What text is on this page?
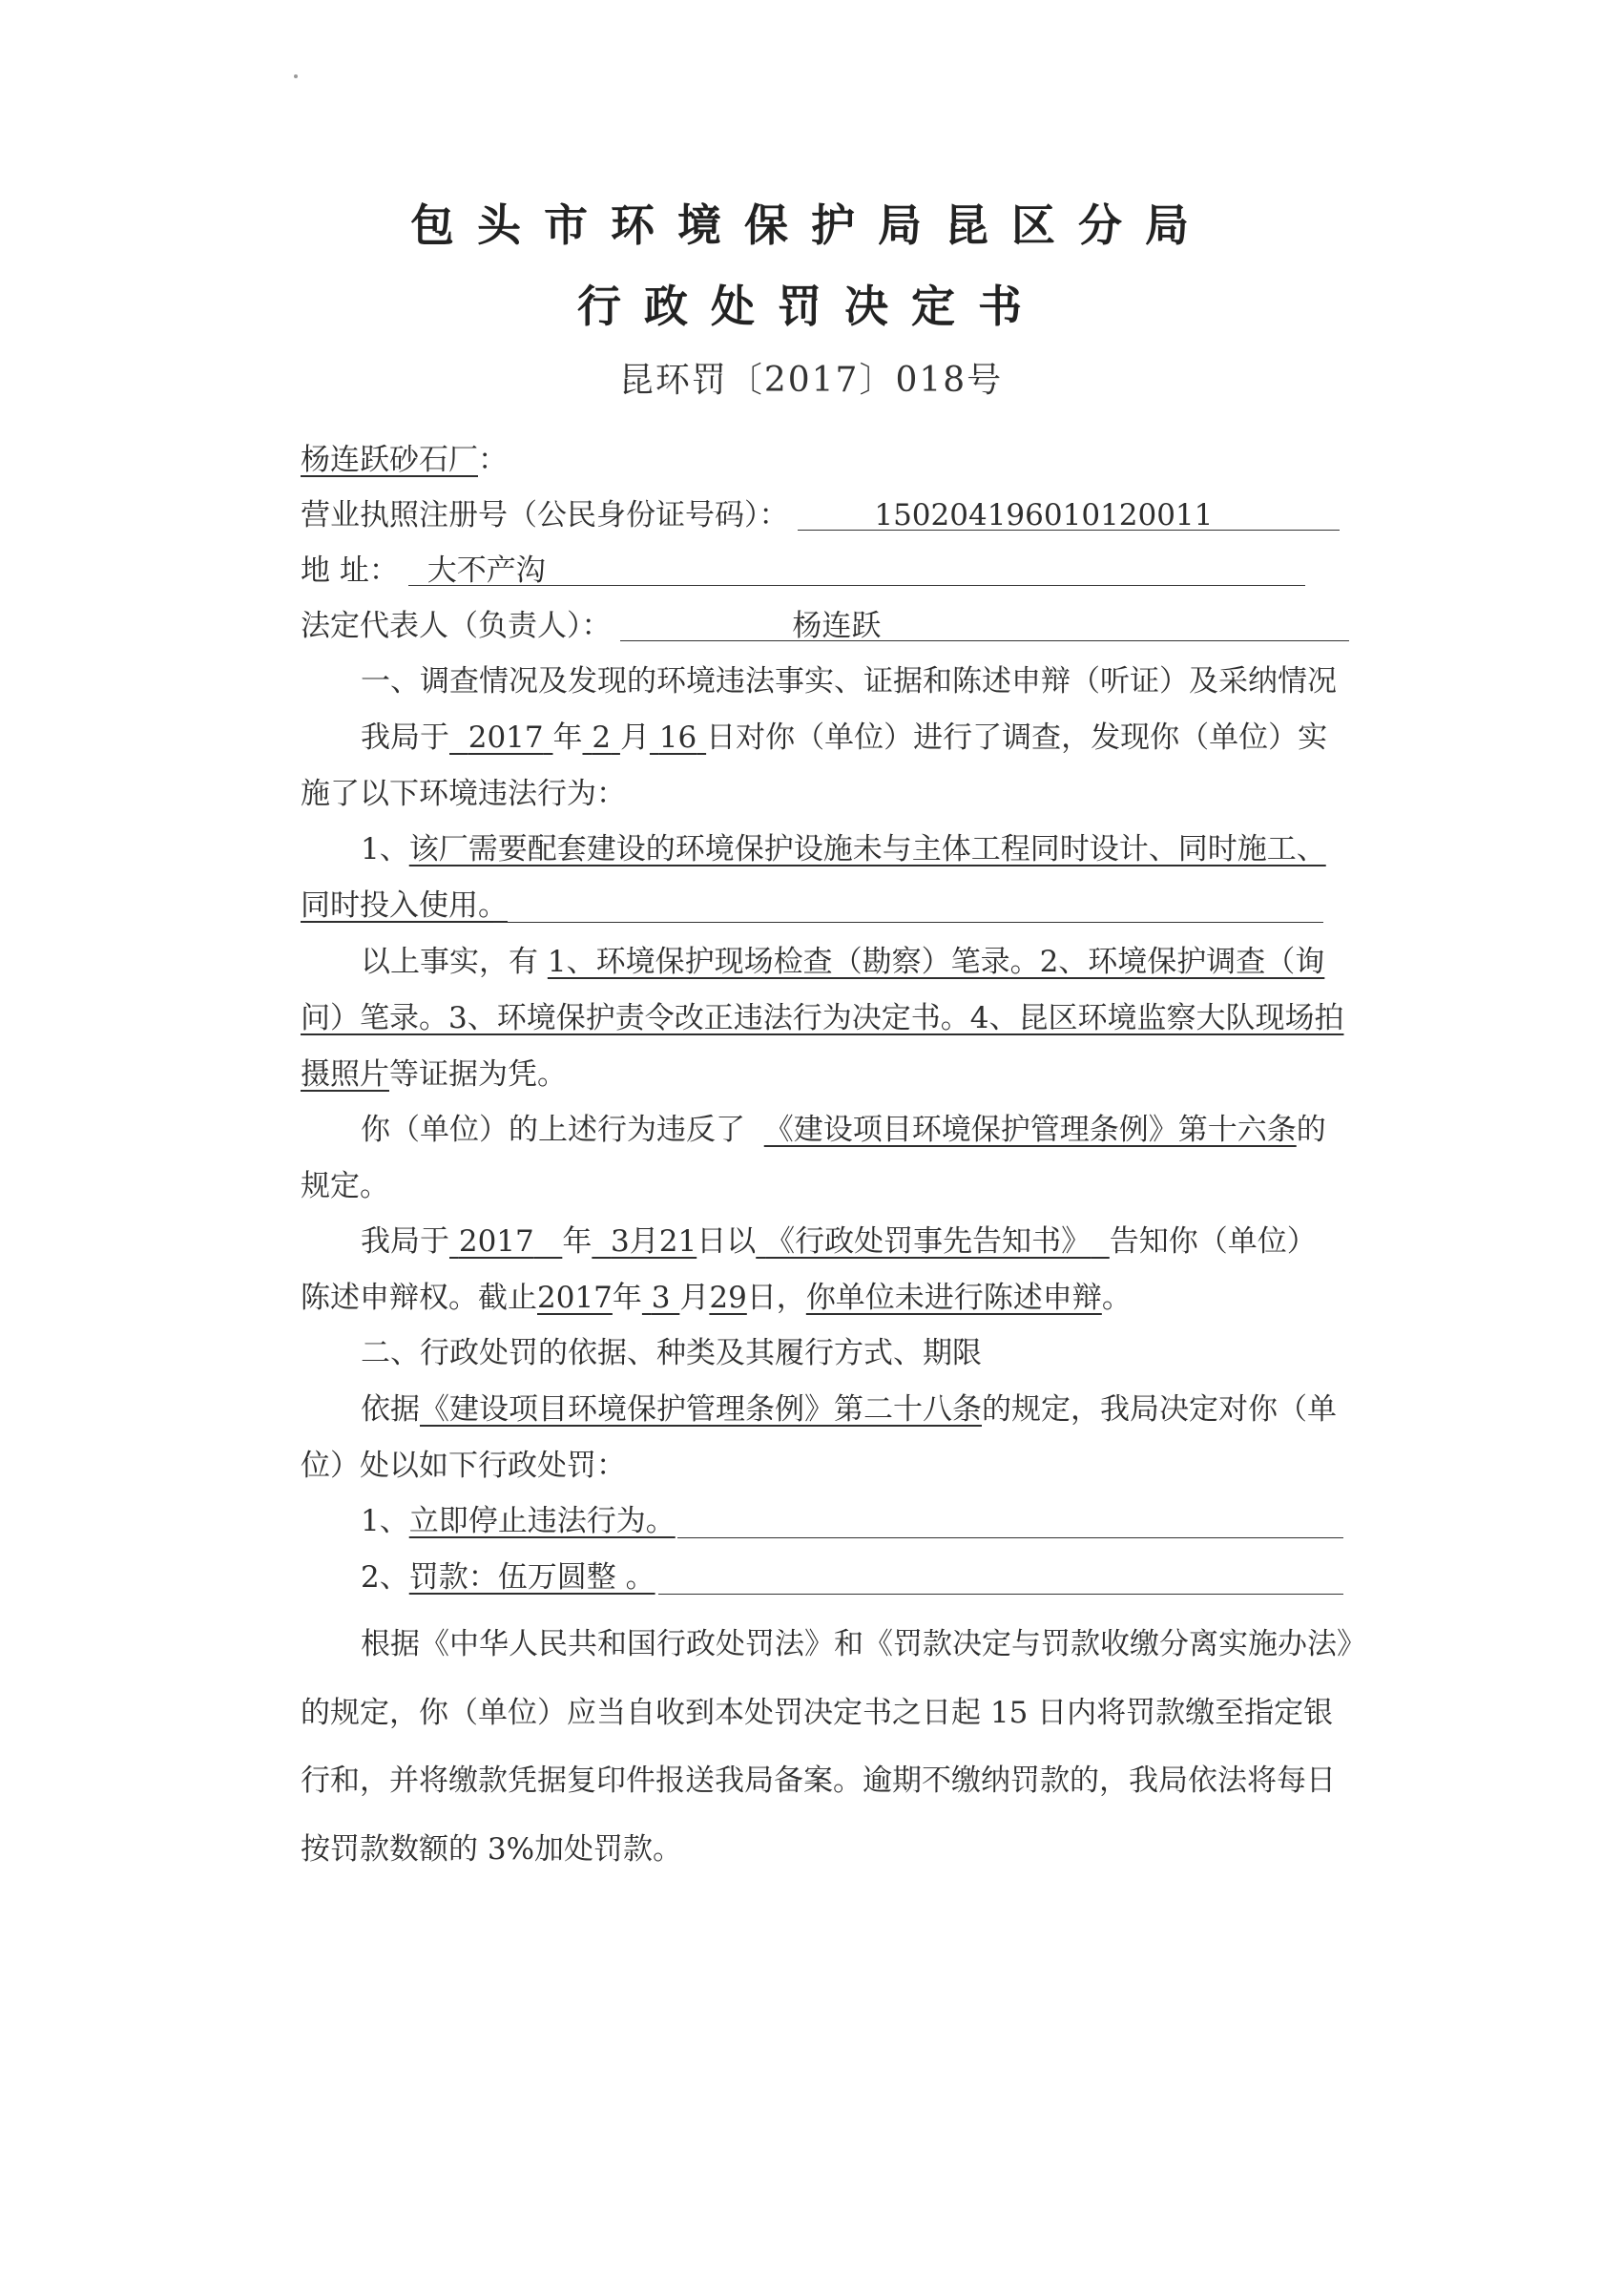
包头市环境保护局昆区分局
行政处罚决定书
昆环罚〔2017〕018号
杨连跃砂石厂：
营业执照注册号（公民身份证号码）：	150204196010120011
地 址： 大不产沟
法定代表人（负责人）：	杨连跃
一、调查情况及发现的环境违法事实、证据和陈述申辩（听证）及采纳情况
我局于 2017 年 2 月 16 日对你（单位）进行了调查，发现你（单位）实
施了以下环境违法行为：
1、该厂需要配套建设的环境保护设施未与主体工程同时设计、同时施工、
同时投入使用。
以上事实，有 1、环境保护现场检查（勘察）笔录。2、环境保护调查（询
问）笔录。3、环境保护责令改正违法行为决定书。4、昆区环境监察大队现场拍
摄照片等证据为凭。
你（单位）的上述行为违反了 《建设项目环境保护管理条例》第十六条的
规定。
我局于 2017 年 3月21日以 《行政处罚事先告知书》 告知你（单位）
陈述申辩权。截止2017年 3 月29日，你单位未进行陈述申辩。
二、行政处罚的依据、种类及其履行方式、期限
依据《建设项目环境保护管理条例》第二十八条的规定，我局决定对你（单
位）处以如下行政处罚：
1、立即停止违法行为。
2、罚款：伍万圆整 。
根据《中华人民共和国行政处罚法》和《罚款决定与罚款收缴分离实施办法》
的规定，你（单位）应当自收到本处罚决定书之日起 15 日内将罚款缴至指定银
行和，并将缴款凭据复印件报送我局备案。逾期不缴纳罚款的，我局依法将每日
按罚款数额的 3%加处罚款。
